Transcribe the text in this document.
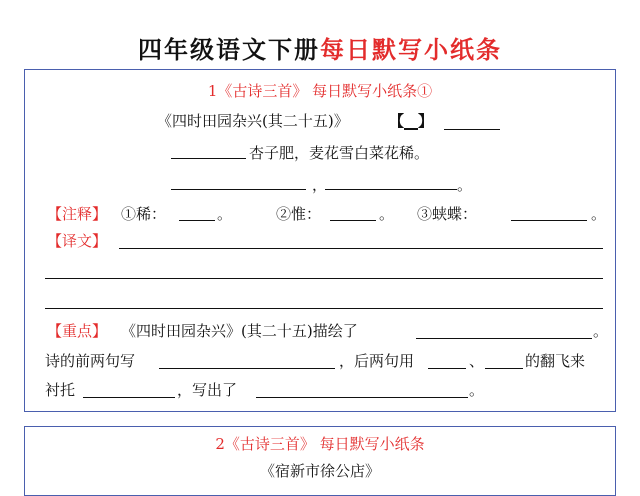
四年级语文下册每日默写小纸条
1《古诗三首》 每日默写小纸条①
《四时田园杂兴(其二十五)》	【 】
杏子肥，麦花雪白菜花稀。
，	。
【注释】 ①稀：	。	②惟：	。 ③蛱蝶：	。
【译文】
【重点】 《四时田园杂兴》(其二十五)描绘了	。
诗的前两句写	，后两句用	、	的翻飞来
衬托	，写出了	。
2《古诗三首》 每日默写小纸条
《宿新市徐公店》
